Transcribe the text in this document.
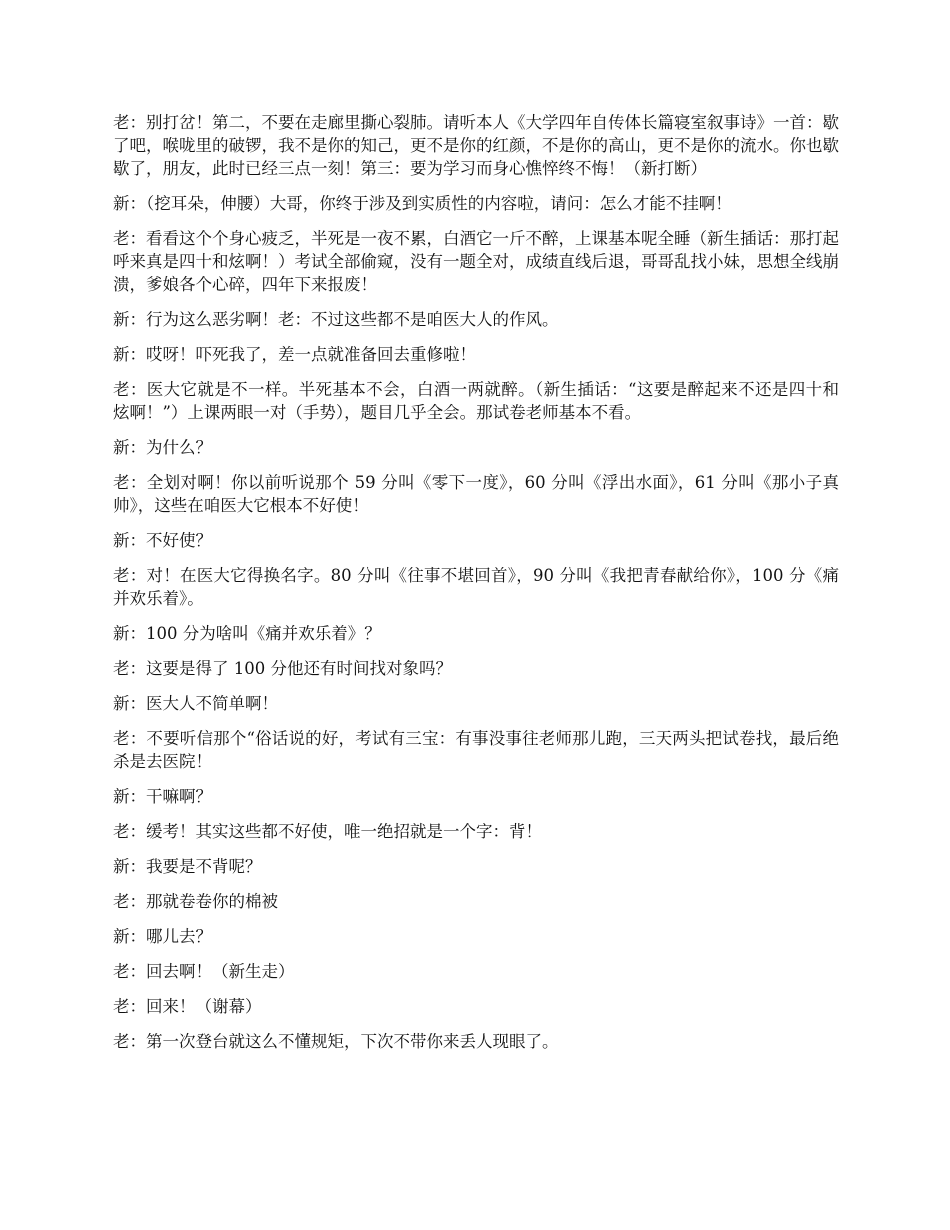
老：别打岔！第二，不要在走廊里撕心裂肺。请听本人《大学四年自传体长篇寝室叙事诗》一首：歇了吧，喉咙里的破锣，我不是你的知己，更不是你的红颜，不是你的高山，更不是你的流水。你也歇歇了，朋友，此时已经三点一刻！第三：要为学习而身心憔悴终不悔！（新打断）

新：（挖耳朵，伸腰）大哥，你终于涉及到实质性的内容啦，请问：怎么才能不挂啊！

老：看看这个个身心疲乏，半死是一夜不累，白酒它一斤不醉，上课基本呢全睡（新生插话：那打起呼来真是四十和炫啊！）考试全部偷窥，没有一题全对，成绩直线后退，哥哥乱找小妹，思想全线崩溃，爹娘各个心碎，四年下来报废！

新：行为这么恶劣啊！老：不过这些都不是咱医大人的作风。

新：哎呀！吓死我了，差一点就准备回去重修啦！

老：医大它就是不一样。半死基本不会，白酒一两就醉。（新生插话：“这要是醉起来不还是四十和炫啊！”）上课两眼一对（手势），题目几乎全会。那试卷老师基本不看。

新：为什么？

老：全划对啊！你以前听说那个 59 分叫《零下一度》，60 分叫《浮出水面》，61 分叫《那小子真帅》，这些在咱医大它根本不好使！

新：不好使？

老：对！在医大它得换名字。80 分叫《往事不堪回首》，90 分叫《我把青春献给你》，100 分《痛并欢乐着》。

新：100 分为啥叫《痛并欢乐着》？

老：这要是得了 100 分他还有时间找对象吗？

新：医大人不简单啊！

老：不要听信那个“俗话说的好，考试有三宝：有事没事往老师那儿跑，三天两头把试卷找，最后绝杀是去医院！

新：干嘛啊？

老：缓考！其实这些都不好使，唯一绝招就是一个字：背！

新：我要是不背呢？

老：那就卷卷你的棉被

新：哪儿去？

老：回去啊！（新生走）

老：回来！（谢幕）

老：第一次登台就这么不懂规矩，下次不带你来丢人现眼了。
